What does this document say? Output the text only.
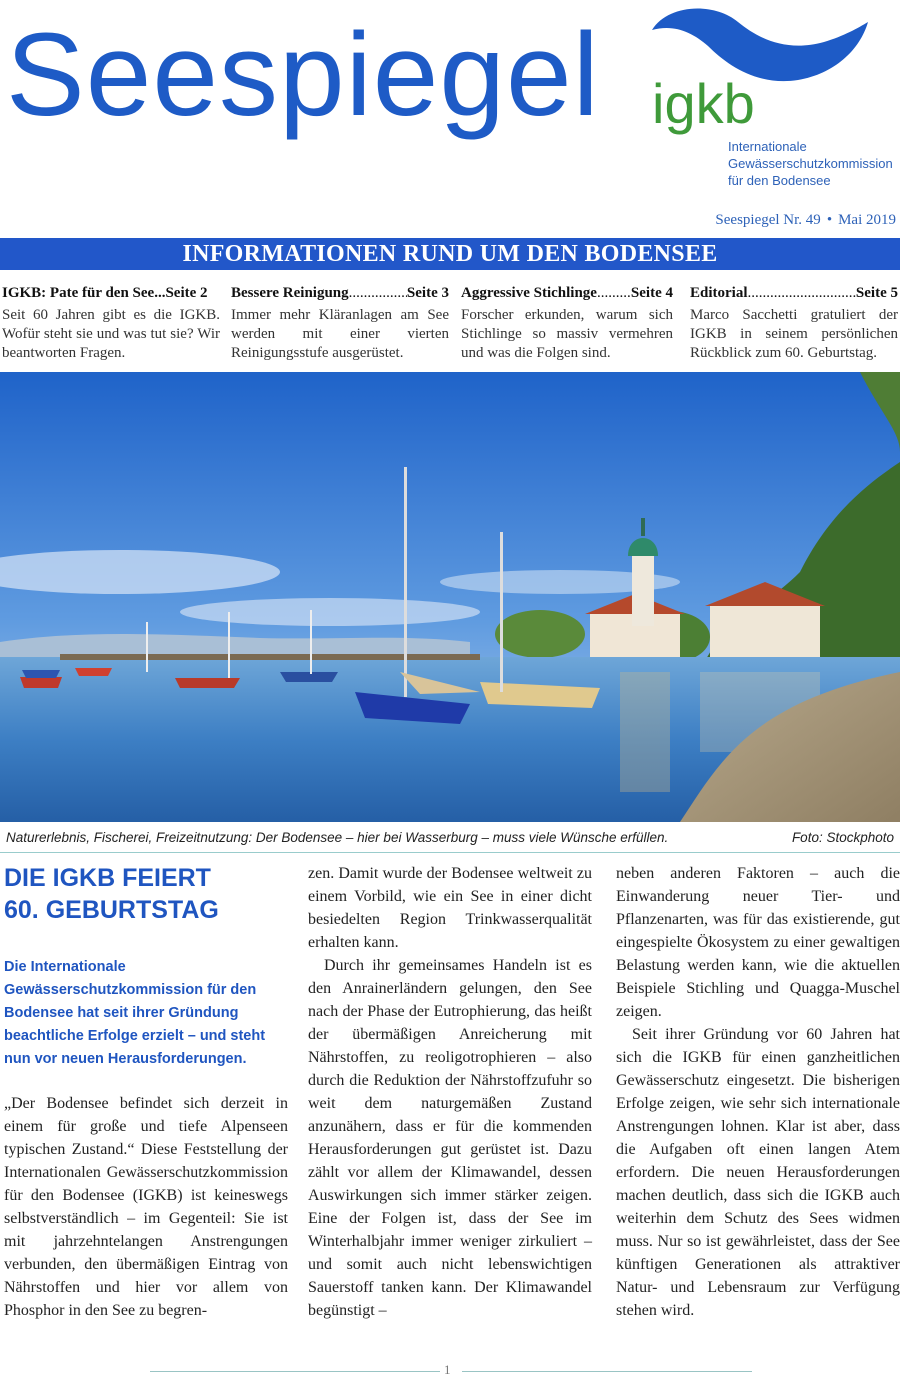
Seespiegel igkb
Internationale
Gewässerschutzkommission
für den Bodensee
Seespiegel Nr. 49 • Mai 2019
INFORMATIONEN RUND UM DEN BODENSEE
IGKB: Pate für den See... Seite 2
Seit 60 Jahren gibt es die IGKB. Wofür steht sie und was tut sie? Wir beantworten Fragen.
Bessere Reinigung .....	Seite 3
Immer mehr Kläranlagen am See werden mit einer vierten Reinigungsstufe ausgerüstet.
Aggressive Stichlinge ..... Seite 4
Forscher erkunden, warum sich Stichlinge so massiv vermehren und was die Folgen sind.
Editorial .....	Seite 5
Marco Sacchetti gratuliert der IGKB in seinem persönlichen Rückblick zum 60. Geburtstag.
Naturerlebnis, Fischerei, Freizeitnutzung: Der Bodensee – hier bei Wasserburg – muss viele Wünsche erfüllen.	Foto: Stockphoto
DIE IGKB FEIERT
60. GEBURTSTAG
Die Internationale Gewässerschutzkommission für den Bodensee hat seit ihrer Gründung beachtliche Erfolge erzielt – und steht nun vor neuen Herausforderungen.

„Der Bodensee befindet sich derzeit in einem für große und tiefe Alpenseen typischen Zustand.“ Diese Feststellung der Internationalen Gewässerschutzkommission für den Bodensee (IGKB) ist keineswegs selbstverständlich – im Gegenteil: Sie ist mit jahrzehntelangen Anstrengungen verbunden, den übermäßigen Eintrag von Nährstoffen und hier vor allem von Phosphor in den See zu begren-

zen. Damit wurde der Bodensee weltweit zu einem Vorbild, wie ein See in einer dicht besiedelten Region Trinkwasserqualität erhalten kann.

Durch ihr gemeinsames Handeln ist es den Anrainerländern gelungen, den See nach der Phase der Eutrophierung, das heißt der übermäßigen Anreicherung mit Nährstoffen, zu reoligotrophieren – also durch die Reduktion der Nährstoffzufuhr so weit dem naturgemäßen Zustand anzunähern, dass er für die kommenden Herausforderungen gut gerüstet ist. Dazu zählt vor allem der Klimawandel, dessen Auswirkungen sich immer stärker zeigen. Eine der Folgen ist, dass der See im Winterhalbjahr immer weniger zirkuliert – und somit auch nicht lebenswichtigen Sauerstoff tanken kann. Der Klimawandel begünstigt –

neben anderen Faktoren – auch die Einwanderung neuer Tier- und Pflanzenarten, was für das existierende, gut eingespielte Ökosystem zu einer gewaltigen Belastung werden kann, wie die aktuellen Beispiele Stichling und Quagga-Muschel zeigen.

Seit ihrer Gründung vor 60 Jahren hat sich die IGKB für einen ganzheitlichen Gewässerschutz eingesetzt. Die bisherigen Erfolge zeigen, wie sehr sich internationale Anstrengungen lohnen. Klar ist aber, dass die Aufgaben oft einen langen Atem erfordern. Die neuen Herausforderungen machen deutlich, dass sich die IGKB auch weiterhin dem Schutz des Sees widmen muss. Nur so ist gewährleistet, dass der See künftigen Generationen als attraktiver Natur- und Lebensraum zur Verfügung stehen wird.

1
